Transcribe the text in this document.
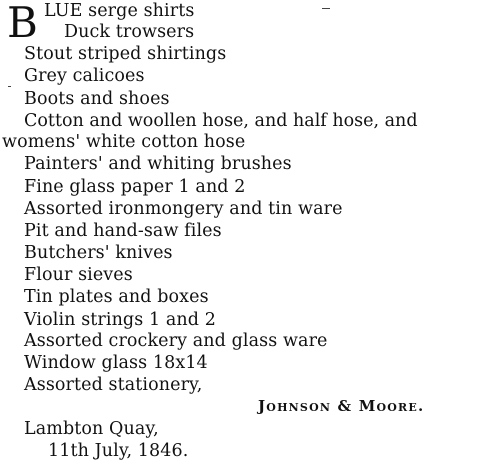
B LUE serge shirts
Duck trowsers
Stout striped shirtings
Grey calicoes
Boots and shoes
Cotton and woollen hose, and half hose, and
womens' white cotton hose
Painters' and whiting brushes
Fine glass paper 1 and 2
Assorted ironmongery and tin ware
Pit and hand-saw files
Butchers' knives
Flour sieves
Tin plates and boxes
Violin strings 1 and 2
Assorted crockery and glass ware
Window glass 18x14
Assorted stationery,
Johnson & Moore.
Lambton Quay,
11th July, 1846.
